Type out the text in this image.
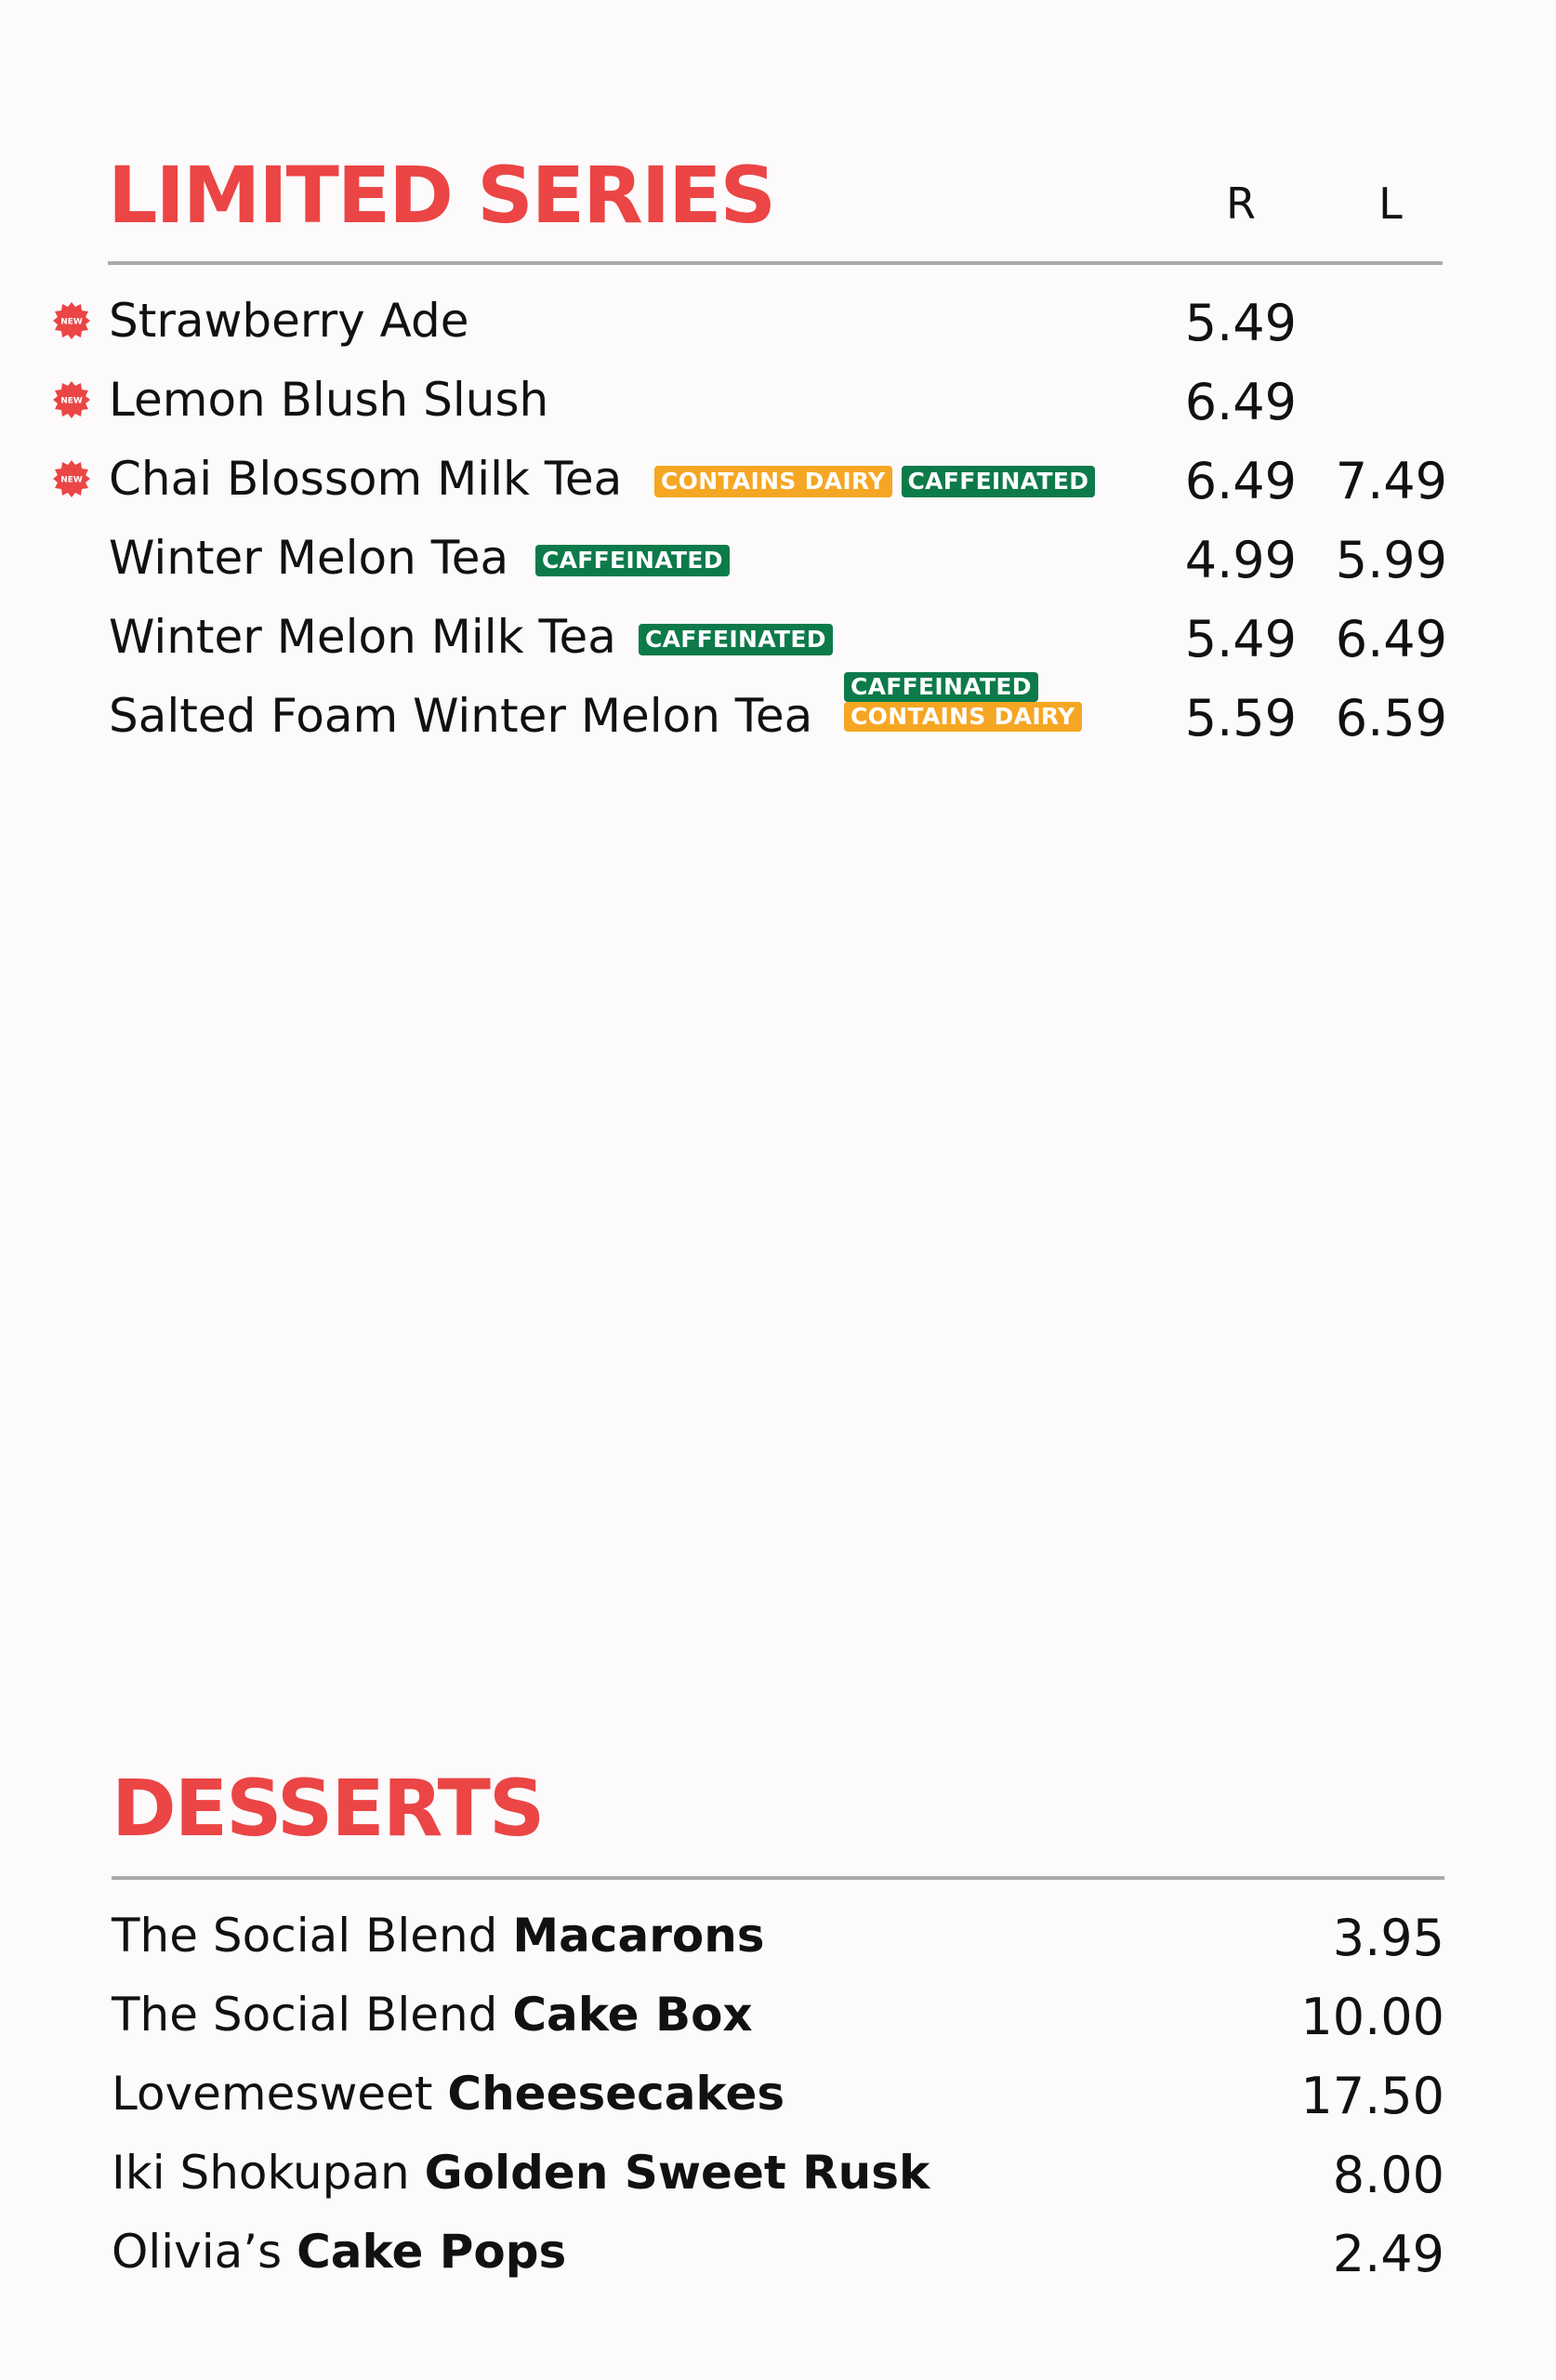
LIMITED SERIES	R	L
NEW Strawberry Ade	5.49
NEW Lemon Blush Slush	6.49
NEW Chai Blossom Milk Tea CONTAINS DAIRY CAFFEINATED	6.49 7.49
Winter Melon Tea CAFFEINATED	4.99 5.99
Winter Melon Milk Tea CAFFEINATED	5.49 6.49
Salted Foam Winter Melon Tea
CAFFEINATED
CONTAINS DAIRY	5.59 6.59
DESSERTS
The Social Blend Macarons	3.95
The Social Blend Cake Box	10.00
Lovemesweet Cheesecakes	17.50
Iki Shokupan Golden Sweet Rusk	8.00
Olivia’s Cake Pops	2.49
